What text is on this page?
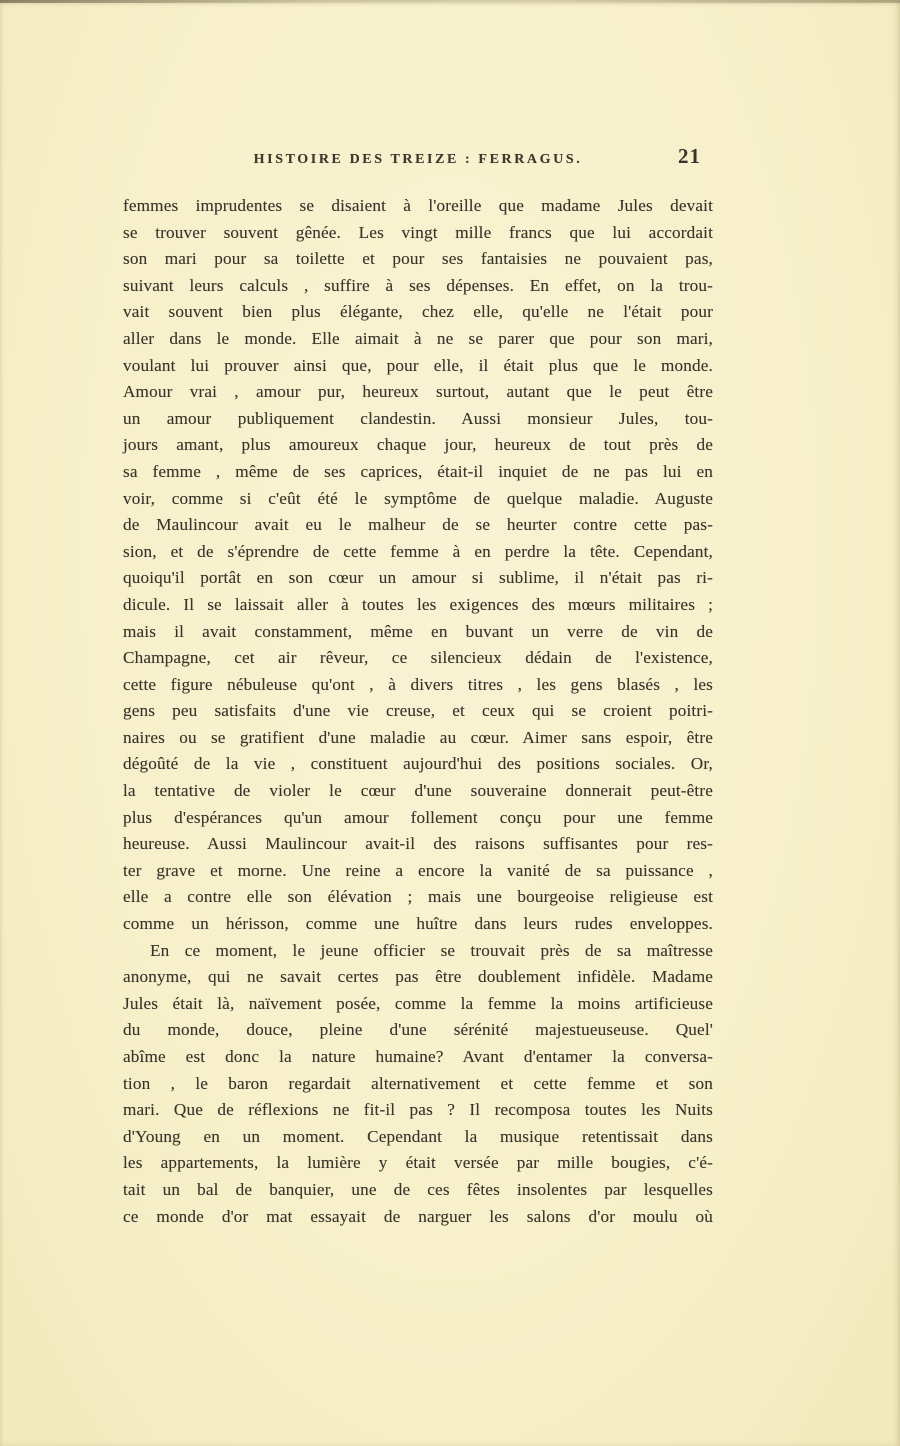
HISTOIRE DES TREIZE : FERRAGUS.	21
femmes imprudentes se disaient à l'oreille que madame Jules devait
se trouver souvent gênée. Les vingt mille francs que lui accordait
son mari pour sa toilette et pour ses fantaisies ne pouvaient pas,
suivant leurs calculs , suffire à ses dépenses. En effet, on la trou-
vait souvent bien plus élégante, chez elle, qu'elle ne l'était pour
aller dans le monde. Elle aimait à ne se parer que pour son mari,
voulant lui prouver ainsi que, pour elle, il était plus que le monde.
Amour vrai , amour pur, heureux surtout, autant que le peut être
un amour publiquement clandestin. Aussi monsieur Jules, tou-
jours amant, plus amoureux chaque jour, heureux de tout près de
sa femme , même de ses caprices, était-il inquiet de ne pas lui en
voir, comme si c'eût été le symptôme de quelque maladie. Auguste
de Maulincour avait eu le malheur de se heurter contre cette pas-
sion, et de s'éprendre de cette femme à en perdre la tête. Cependant,
quoiqu'il portât en son cœur un amour si sublime, il n'était pas ri-
dicule. Il se laissait aller à toutes les exigences des mœurs militaires ;
mais il avait constamment, même en buvant un verre de vin de
Champagne, cet air rêveur, ce silencieux dédain de l'existence,
cette figure nébuleuse qu'ont , à divers titres , les gens blasés , les
gens peu satisfaits d'une vie creuse, et ceux qui se croient poitri-
naires ou se gratifient d'une maladie au cœur. Aimer sans espoir, être
dégoûté de la vie , constituent aujourd'hui des positions sociales. Or,
la tentative de violer le cœur d'une souveraine donnerait peut-être
plus d'espérances qu'un amour follement conçu pour une femme
heureuse. Aussi Maulincour avait-il des raisons suffisantes pour res-
ter grave et morne. Une reine a encore la vanité de sa puissance ,
elle a contre elle son élévation ; mais une bourgeoise religieuse est
comme un hérisson, comme une huître dans leurs rudes enveloppes.
En ce moment, le jeune officier se trouvait près de sa maîtresse
anonyme, qui ne savait certes pas être doublement infidèle. Madame
Jules était là, naïvement posée, comme la femme la moins artificieuse
du monde, douce, pleine d'une sérénité majestueuseuse. Quel'
abîme est donc la nature humaine? Avant d'entamer la conversa-
tion , le baron regardait alternativement et cette femme et son
mari. Que de réflexions ne fit-il pas ? Il recomposa toutes les Nuits
d'Young en un moment. Cependant la musique retentissait dans
les appartements, la lumière y était versée par mille bougies, c'é-
tait un bal de banquier, une de ces fêtes insolentes par lesquelles
ce monde d'or mat essayait de narguer les salons d'or moulu où
